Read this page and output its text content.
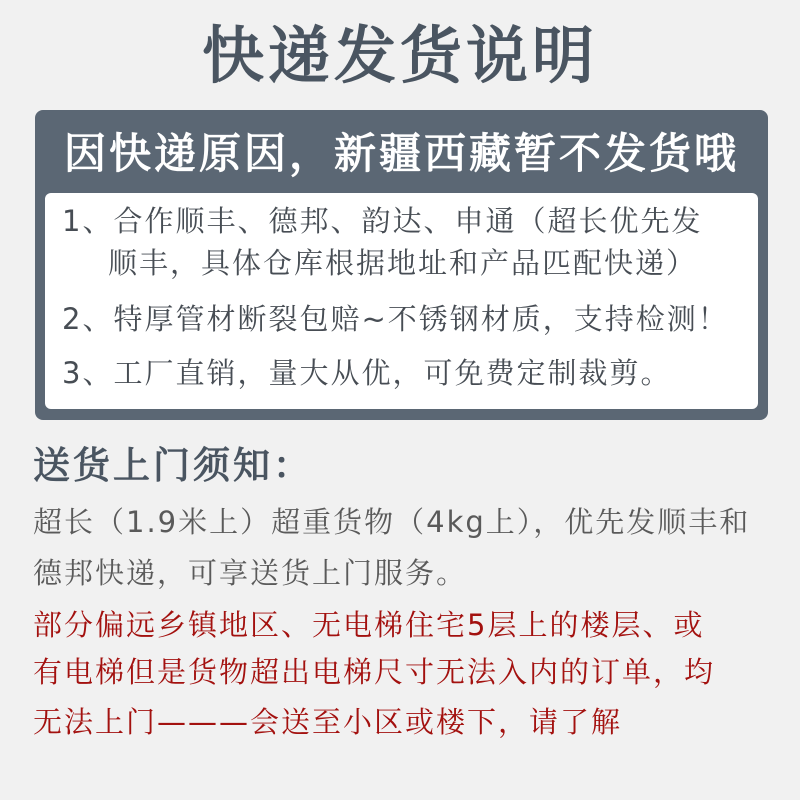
快递发货说明
因快递原因，新疆西藏暂不发货哦
1、合作顺丰、德邦、韵达、申通（超长优先发
顺丰，具体仓库根据地址和产品匹配快递）
2、特厚管材断裂包赔~不锈钢材质，支持检测！
3、工厂直销，量大从优，可免费定制裁剪。
送货上门须知：
超长（1.9米上）超重货物（4kg上），优先发顺丰和
德邦快递，可享送货上门服务。
部分偏远乡镇地区、无电梯住宅5层上的楼层、或
有电梯但是货物超出电梯尺寸无法入内的订单，均
无法上门———会送至小区或楼下，请了解
